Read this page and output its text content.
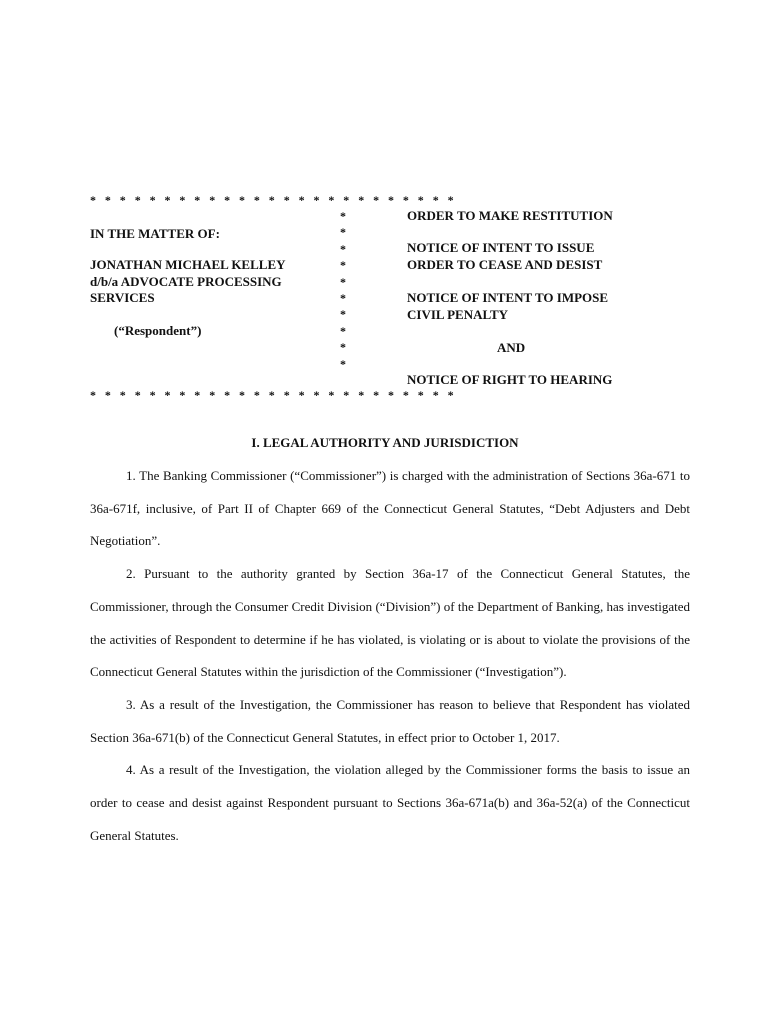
* * * * * * * * * * * * * * * * * * * * * * * * *
*
*
*
*
*
*
*
*
*
*
* * * * * * * * * * * * * * * * * * * * * * * * *
IN THE MATTER OF:
JONATHAN MICHAEL KELLEY
d/b/a ADVOCATE PROCESSING
SERVICES
(“Respondent”)
ORDER TO MAKE RESTITUTION
NOTICE OF INTENT TO ISSUE
ORDER TO CEASE AND DESIST
NOTICE OF INTENT TO IMPOSE
CIVIL PENALTY
AND
NOTICE OF RIGHT TO HEARING
I. LEGAL AUTHORITY AND JURISDICTION

1. The Banking Commissioner (“Commissioner”) is charged with the administration of Sections 36a-671 to 36a-671f, inclusive, of Part II of Chapter 669 of the Connecticut General Statutes, “Debt Adjusters and Debt Negotiation”.

2. Pursuant to the authority granted by Section 36a-17 of the Connecticut General Statutes, the Commissioner, through the Consumer Credit Division (“Division”) of the Department of Banking, has investigated the activities of Respondent to determine if he has violated, is violating or is about to violate the provisions of the Connecticut General Statutes within the jurisdiction of the Commissioner (“Investigation”).

3. As a result of the Investigation, the Commissioner has reason to believe that Respondent has violated Section 36a-671(b) of the Connecticut General Statutes, in effect prior to October 1, 2017.

4. As a result of the Investigation, the violation alleged by the Commissioner forms the basis to issue an order to cease and desist against Respondent pursuant to Sections 36a-671a(b) and 36a-52(a) of the Connecticut General Statutes.
